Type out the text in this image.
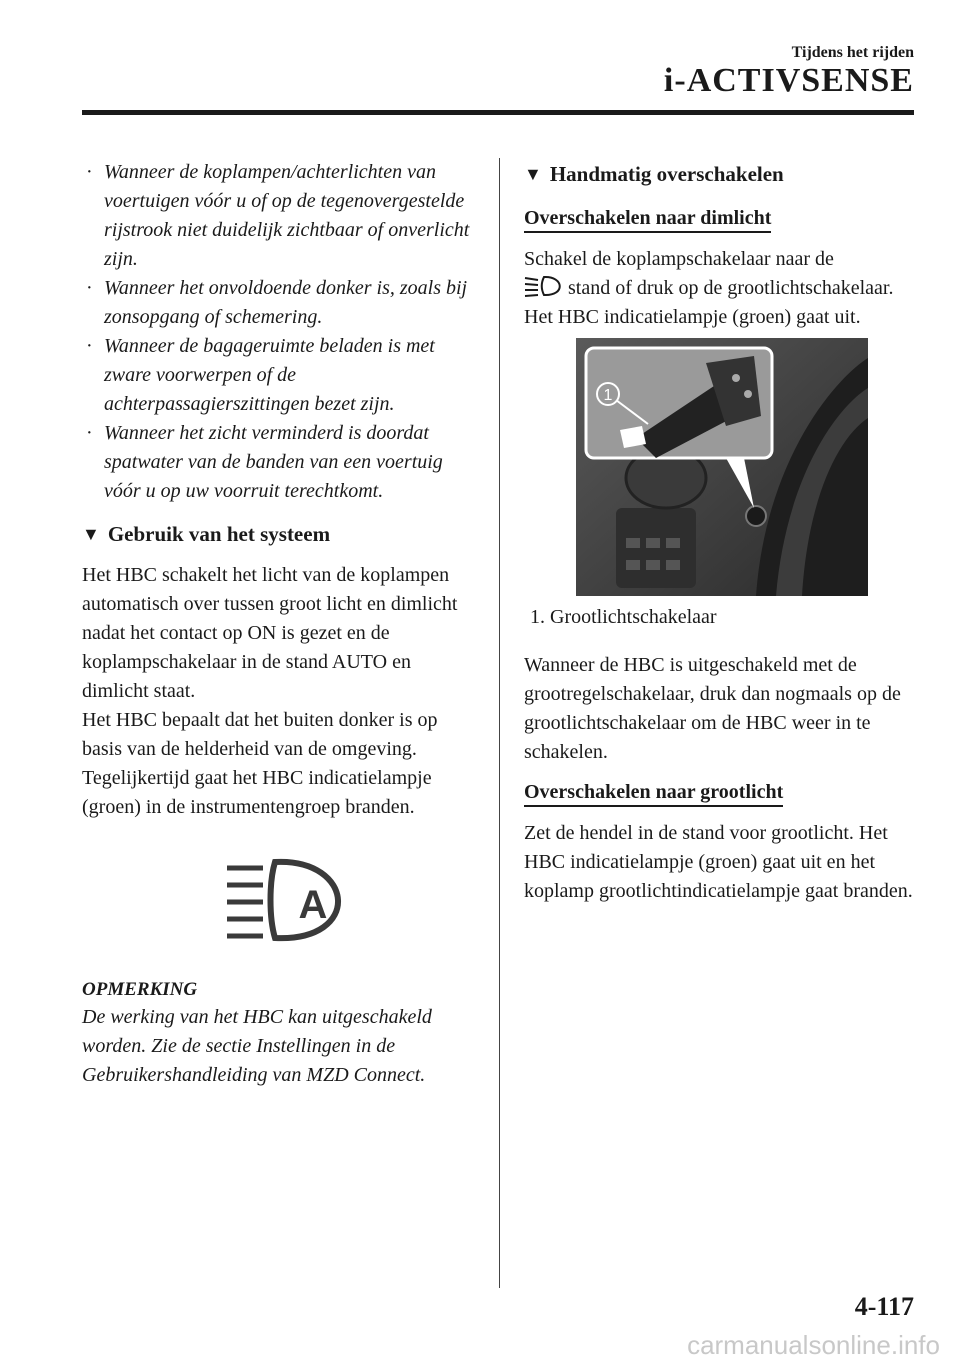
Tijdens het rijden
i-ACTIVSENSE
· Wanneer de koplampen/achterlichten van voertuigen vóór u of op de tegenovergestelde rijstrook niet duidelijk zichtbaar of onverlicht zijn.
· Wanneer het onvoldoende donker is, zoals bij zonsopgang of schemering.
· Wanneer de bagageruimte beladen is met zware voorwerpen of de achterpassagierszittingen bezet zijn.
· Wanneer het zicht verminderd is doordat spatwater van de banden van een voertuig vóór u op uw voorruit terechtkomt.
▼ Gebruik van het systeem

Het HBC schakelt het licht van de koplampen automatisch over tussen groot licht en dimlicht nadat het contact op ON is gezet en de koplampschakelaar in de stand AUTO en dimlicht staat.

Het HBC bepaalt dat het buiten donker is op basis van de helderheid van de omgeving. Tegelijkertijd gaat het HBC indicatielampje (groen) in de instrumentengroep branden.

A

OPMERKING

De werking van het HBC kan uitgeschakeld worden. Zie de sectie Instellingen in de Gebruikershandleiding van MZD Connect.

▼ Handmatig overschakelen
Overschakelen naar dimlicht

Schakel de koplampschakelaar naar de
stand of druk op de grootlichtschakelaar.
Het HBC indicatielampje (groen) gaat uit.

1
1. Grootlichtschakelaar

Wanneer de HBC is uitgeschakeld met de grootregelschakelaar, druk dan nogmaals op de grootlichtschakelaar om de HBC weer in te schakelen.

Overschakelen naar grootlicht

Zet de hendel in de stand voor grootlicht. Het HBC indicatielampje (groen) gaat uit en het koplamp grootlichtindicatielampje gaat branden.

4-117
carmanualsonline.info
